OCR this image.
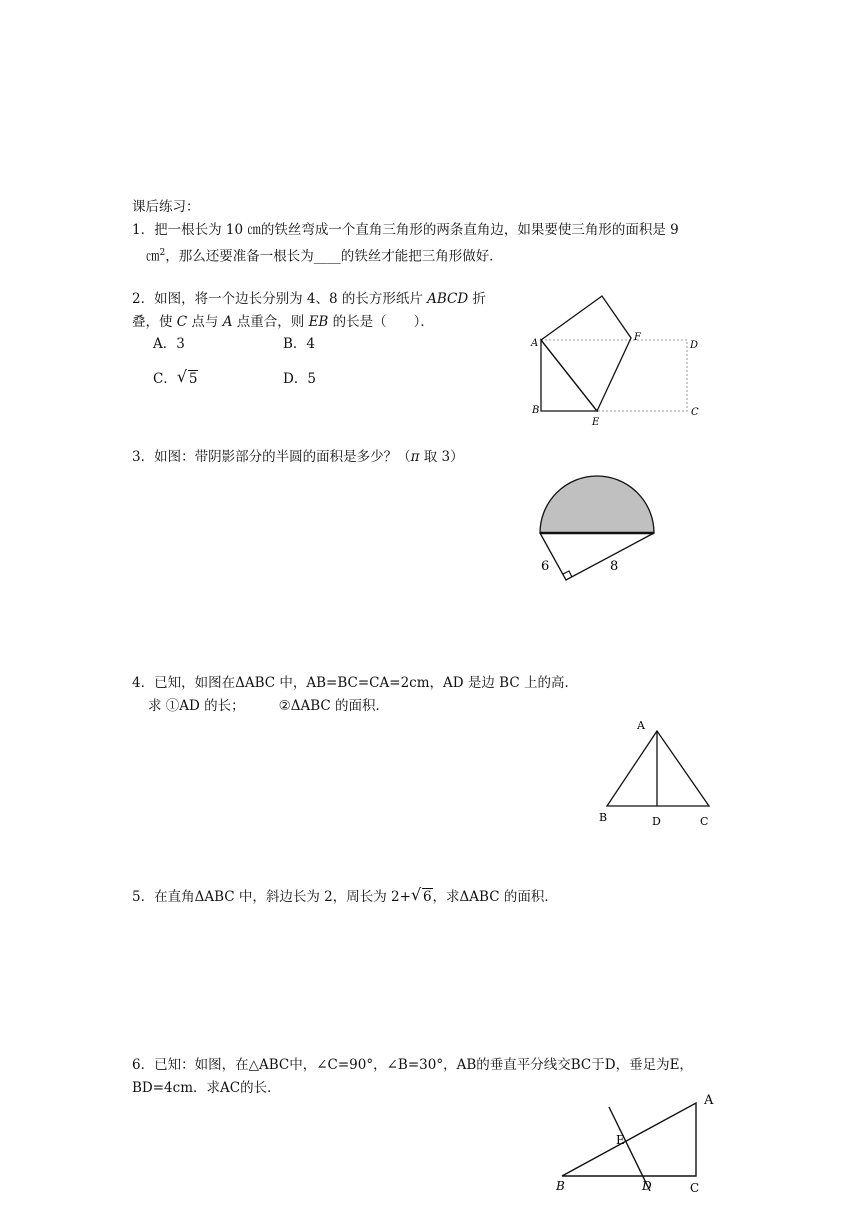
课后练习：
1．把一根长为 10 ㎝的铁丝弯成一个直角三角形的两条直角边，如果要使三角形的面积是 9
㎝$^2$，那么还要准备一根长为____的铁丝才能把三角形做好．
2．如图，将一个边长分别为 4、8 的长方形纸片 ABCD 折
叠，使 C 点与 A 点重合，则 EB 的长是（　　）．
A．3	B．4
C． √ 5	D．5
A
B	C
D
E
F
3．如图：带阴影部分的半圆的面积是多少？（π 取 3）
6	8
4．已知，如图在ΔABC 中，AB=BC=CA=2cm，AD 是边 BC 上的高．
求 ①AD 的长；	②ΔABC 的面积．
A
B	D	C
5．在直角ΔABC 中，斜边长为 2，周长为 2+ √ 6，求ΔABC 的面积．
6．已知：如图，在△ABC中，∠C=90°，∠B=30°，AB的垂直平分线交BC于D，垂足为E，
BD=4cm．求AC的长．
A
B	C
D
E
